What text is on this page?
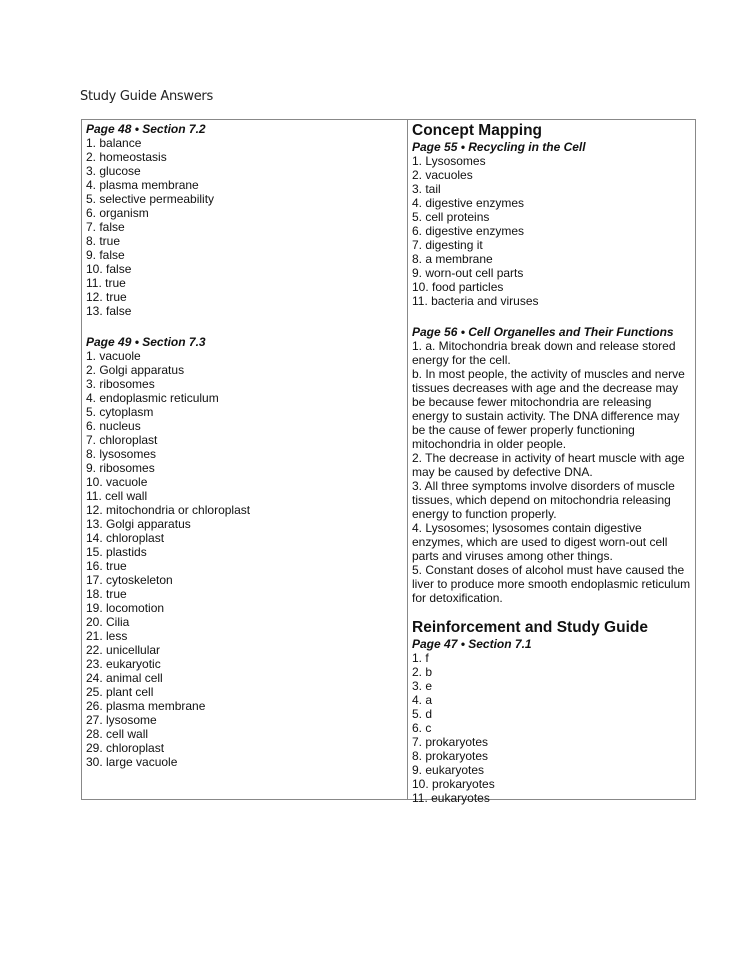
Study Guide Answers
Page 48 • Section 7.2
1. balance
2. homeostasis
3. glucose
4. plasma membrane
5. selective permeability
6. organism
7. false
8. true
9. false
10. false
11. true
12. true
13. false
Page 49 • Section 7.3
1. vacuole
2. Golgi apparatus
3. ribosomes
4. endoplasmic reticulum
5. cytoplasm
6. nucleus
7. chloroplast
8. lysosomes
9. ribosomes
10. vacuole
11. cell wall
12. mitochondria or chloroplast
13. Golgi apparatus
14. chloroplast
15. plastids
16. true
17. cytoskeleton
18. true
19. locomotion
20. Cilia
21. less
22. unicellular
23. eukaryotic
24. animal cell
25. plant cell
26. plasma membrane
27. lysosome
28. cell wall
29. chloroplast
30. large vacuole
Concept Mapping
Page 55 • Recycling in the Cell
1. Lysosomes
2. vacuoles
3. tail
4. digestive enzymes
5. cell proteins
6. digestive enzymes
7. digesting it
8. a membrane
9. worn-out cell parts
10. food particles
11. bacteria and viruses
Page 56 • Cell Organelles and Their Functions
1. a. Mitochondria break down and release stored energy for the cell.
b. In most people, the activity of muscles and nerve tissues decreases with age and the decrease may be because fewer mitochondria are releasing energy to sustain activity. The DNA difference may be the cause of fewer properly functioning mitochondria in older people.
2. The decrease in activity of heart muscle with age may be caused by defective DNA.
3. All three symptoms involve disorders of muscle tissues, which depend on mitochondria releasing energy to function properly.
4. Lysosomes; lysosomes contain digestive enzymes, which are used to digest worn-out cell parts and viruses among other things.
5. Constant doses of alcohol must have caused the liver to produce more smooth endoplasmic reticulum for detoxification.
Reinforcement and Study Guide
Page 47 • Section 7.1
1. f
2. b
3. e
4. a
5. d
6. c
7. prokaryotes
8. prokaryotes
9. eukaryotes
10. prokaryotes
11. eukaryotes
